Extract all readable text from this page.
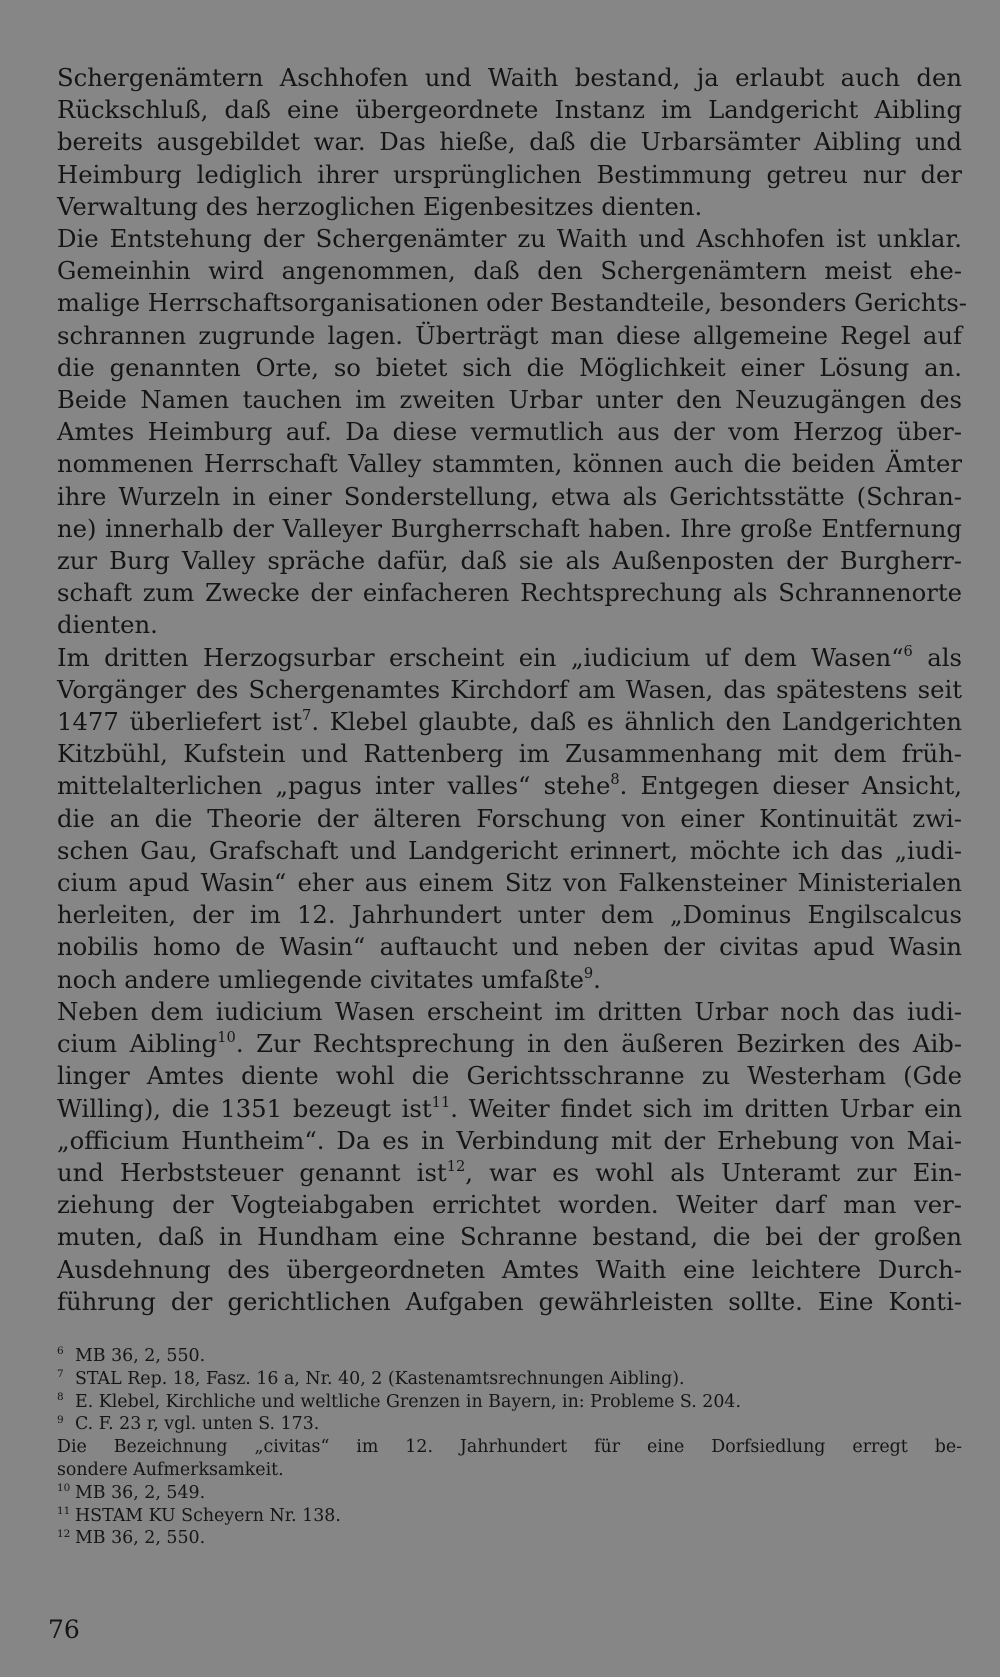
Schergenämtern Aschhofen und Waith bestand, ja erlaubt auch den
Rückschluß, daß eine übergeordnete Instanz im Landgericht Aibling
bereits ausgebildet war. Das hieße, daß die Urbarsämter Aibling und
Heimburg lediglich ihrer ursprünglichen Bestimmung getreu nur der
Verwaltung des herzoglichen Eigenbesitzes dienten.
Die Entstehung der Schergenämter zu Waith und Aschhofen ist unklar.
Gemeinhin wird angenommen, daß den Schergenämtern meist ehe-
malige Herrschaftsorganisationen oder Bestandteile, besonders Gerichts-
schrannen zugrunde lagen. Überträgt man diese allgemeine Regel auf
die genannten Orte, so bietet sich die Möglichkeit einer Lösung an.
Beide Namen tauchen im zweiten Urbar unter den Neuzugängen des
Amtes Heimburg auf. Da diese vermutlich aus der vom Herzog über-
nommenen Herrschaft Valley stammten, können auch die beiden Ämter
ihre Wurzeln in einer Sonderstellung, etwa als Gerichtsstätte (Schran-
ne) innerhalb der Valleyer Burgherrschaft haben. Ihre große Entfernung
zur Burg Valley spräche dafür, daß sie als Außenposten der Burgherr-
schaft zum Zwecke der einfacheren Rechtsprechung als Schrannenorte
dienten.
Im dritten Herzogsurbar erscheint ein „iudicium uf dem Wasen“$^6$ als
Vorgänger des Schergenamtes Kirchdorf am Wasen, das spätestens seit
1477 überliefert ist$^7$. Klebel glaubte, daß es ähnlich den Landgerichten
Kitzbühl, Kufstein und Rattenberg im Zusammenhang mit dem früh-
mittelalterlichen „pagus inter valles“ stehe$^8$. Entgegen dieser Ansicht,
die an die Theorie der älteren Forschung von einer Kontinuität zwi-
schen Gau, Grafschaft und Landgericht erinnert, möchte ich das „iudi-
cium apud Wasin“ eher aus einem Sitz von Falkensteiner Ministerialen
herleiten, der im 12. Jahrhundert unter dem „Dominus Engilscalcus
nobilis homo de Wasin“ auftaucht und neben der civitas apud Wasin
noch andere umliegende civitates umfaßte$^9$.
Neben dem iudicium Wasen erscheint im dritten Urbar noch das iudi-
cium Aibling$^{10}$. Zur Rechtsprechung in den äußeren Bezirken des Aib-
linger Amtes diente wohl die Gerichtsschranne zu Westerham (Gde
Willing), die 1351 bezeugt ist$^{11}$. Weiter findet sich im dritten Urbar ein
„officium Huntheim“. Da es in Verbindung mit der Erhebung von Mai-
und Herbststeuer genannt ist$^{12}$, war es wohl als Unteramt zur Ein-
ziehung der Vogteiabgaben errichtet worden. Weiter darf man ver-
muten, daß in Hundham eine Schranne bestand, die bei der großen
Ausdehnung des übergeordneten Amtes Waith eine leichtere Durch-
führung der gerichtlichen Aufgaben gewährleisten sollte. Eine Konti-
6 MB 36, 2, 550.
7 STAL Rep. 18, Fasz. 16 a, Nr. 40, 2 (Kastenamtsrechnungen Aibling).
8 E. Klebel, Kirchliche und weltliche Grenzen in Bayern, in: Probleme S. 204.
9 C. F. 23 r, vgl. unten S. 173.
Die Bezeichnung „civitas“ im 12. Jahrhundert für eine Dorfsiedlung erregt be-
sondere Aufmerksamkeit.
10 MB 36, 2, 549.
11 HSTAM KU Scheyern Nr. 138.
12 MB 36, 2, 550.
76
